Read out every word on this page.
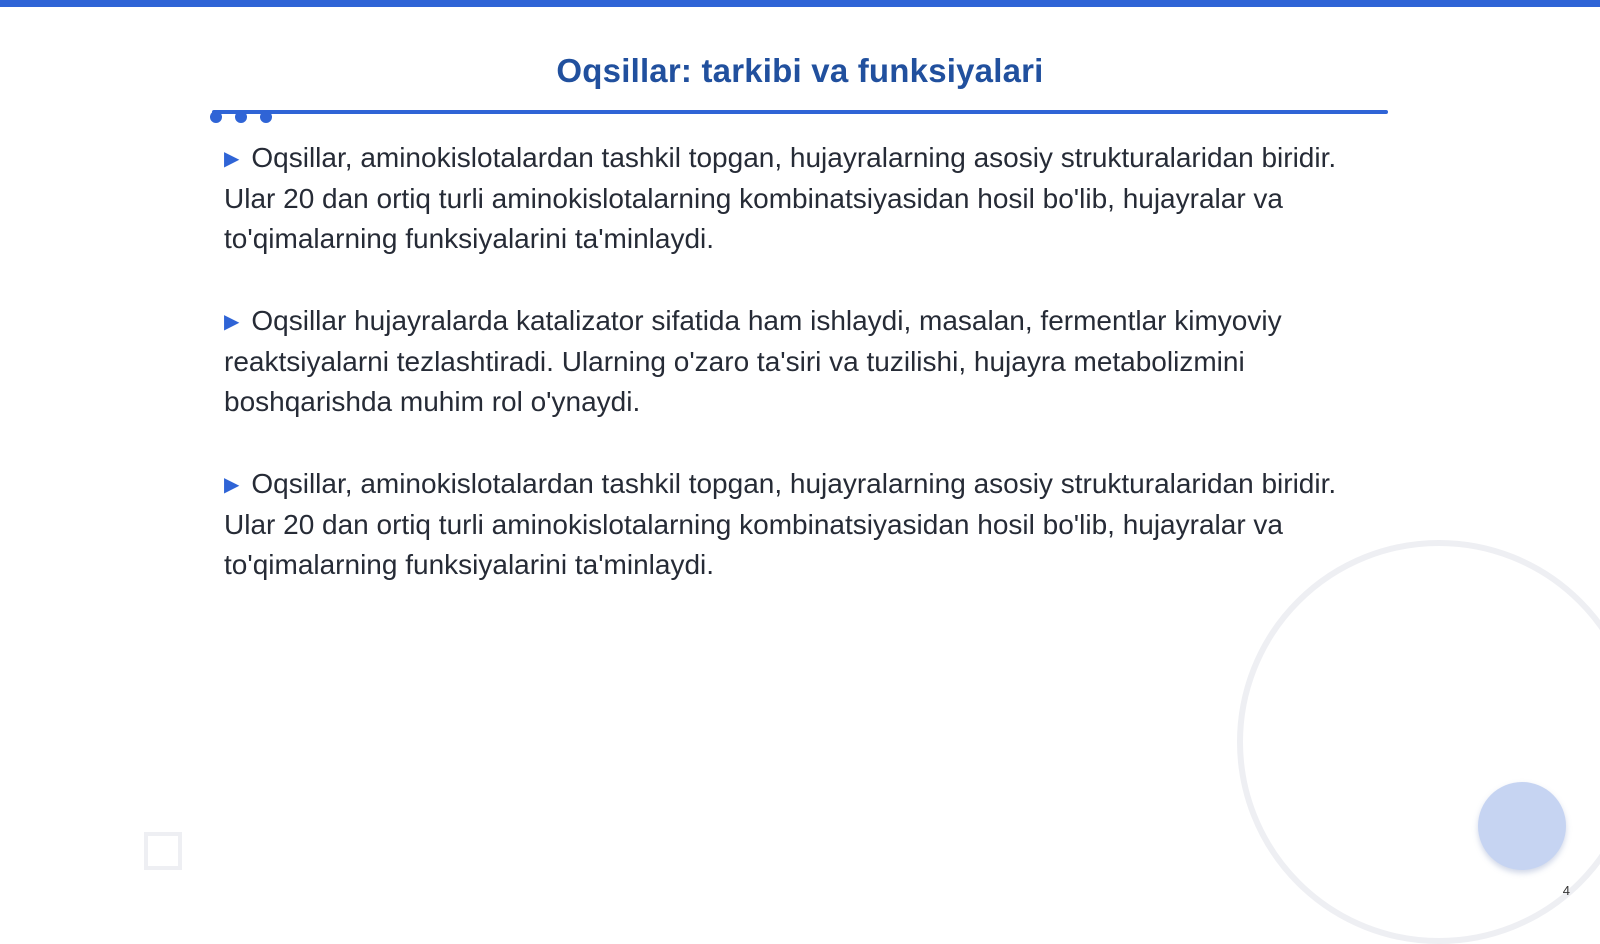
Oqsillar: tarkibi va funksiyalari

▶ Oqsillar, aminokislotalardan tashkil topgan, hujayralarning asosiy strukturalaridan biridir. Ular 20 dan ortiq turli aminokislotalarning kombinatsiyasidan hosil bo'lib, hujayralar va to'qimalarning funksiyalarini ta'minlaydi.

▶ Oqsillar hujayralarda katalizator sifatida ham ishlaydi, masalan, fermentlar kimyoviy reaktsiyalarni tezlashtiradi. Ularning o'zaro ta'siri va tuzilishi, hujayra metabolizmini boshqarishda muhim rol o'ynaydi.

▶ Oqsillar, aminokislotalardan tashkil topgan, hujayralarning asosiy strukturalaridan biridir. Ular 20 dan ortiq turli aminokislotalarning kombinatsiyasidan hosil bo'lib, hujayralar va to'qimalarning funksiyalarini ta'minlaydi.

4
